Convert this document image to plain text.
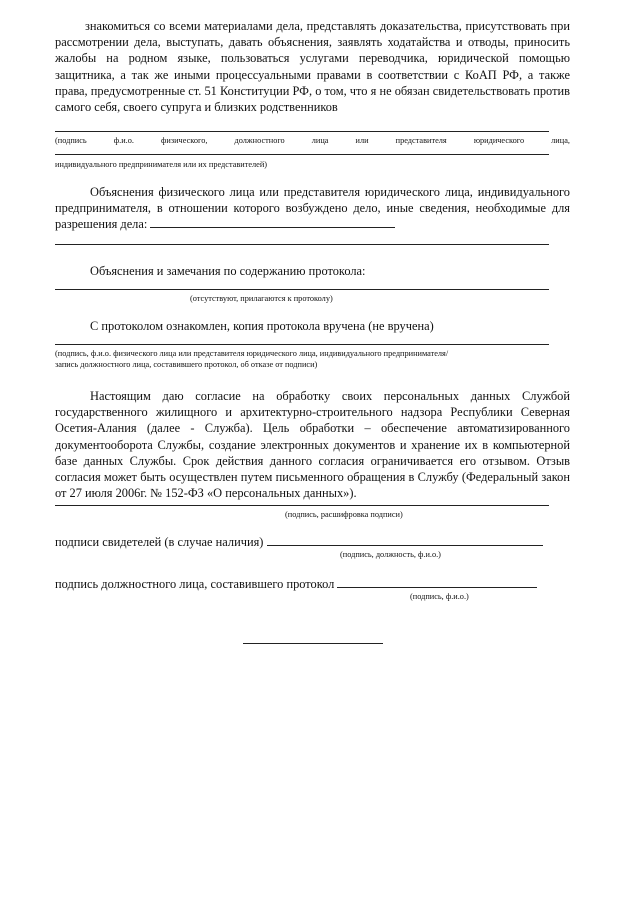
знакомиться со всеми материалами дела, представлять доказательства, присутствовать при рассмотрении дела, выступать, давать объяснения, заявлять ходатайства и отводы, приносить жалобы на родном языке, пользоваться услугами переводчика, юридической помощью защитника, а так же иными процессуальными правами в соответствии с КоАП РФ, а также права, предусмотренные ст. 51 Конституции РФ, о том, что я не обязан свидетельствовать против самого себя, своего супруга и близких родственников
(подпись	ф.и.о.	физического,	должностного	лица	или	представителя	юридического	лица,
индивидуального предпринимателя или их представителей)
Объяснения физического лица или представителя юридического лица, индивидуального предпринимателя, в отношении которого возбуждено дело, иные сведения, необходимые для разрешения дела:
Объяснения и замечания по содержанию протокола:
(отсутствуют, прилагаются к протоколу)
С протоколом ознакомлен, копия протокола вручена (не вручена)
(подпись, ф.и.о. физического лица или представителя юридического лица, индивидуального предпринимателя/
запись должностного лица, составившего протокол, об отказе от подписи)
Настоящим даю согласие на обработку своих персональных данных Службой государственного жилищного и архитектурно-строительного надзора Республики Северная Осетия-Алания (далее - Служба). Цель обработки – обеспечение автоматизированного документооборота Службы, создание электронных документов и хранение их в компьютерной базе данных Службы. Срок действия данного согласия ограничивается его отзывом. Отзыв согласия может быть осуществлен путем письменного обращения в Службу (Федеральный закон от 27 июля 2006г. № 152-ФЗ «О персональных данных»).
(подпись, расшифровка подписи)
подписи свидетелей (в случае наличия)
(подпись, должность, ф.и.о.)
подпись должностного лица, составившего протокол
(подпись, ф.и.о.)
